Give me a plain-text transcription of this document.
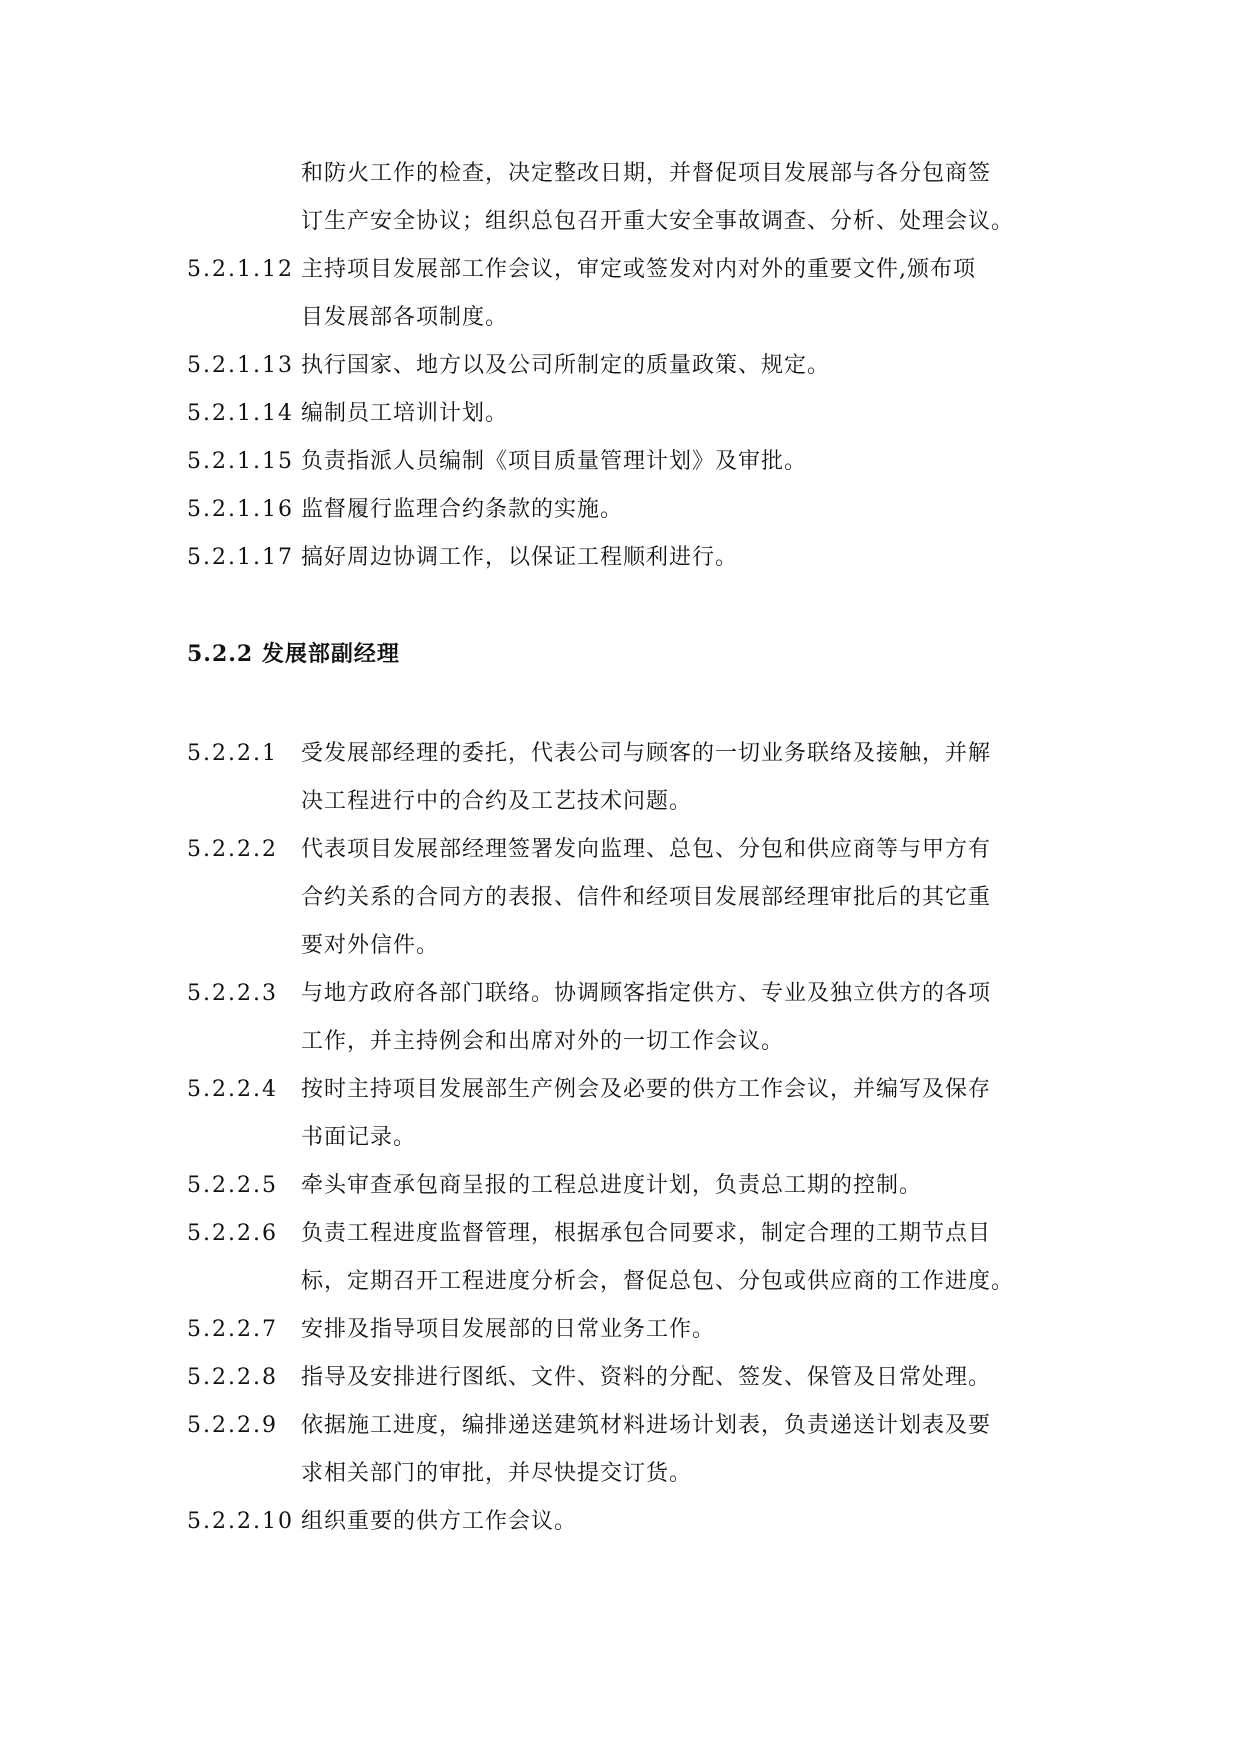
和防火工作的检查，决定整改日期，并督促项目发展部与各分包商签
订生产安全协议；组织总包召开重大安全事故调查、分析、处理会议。
5.2.1.12 主持项目发展部工作会议，审定或签发对内对外的重要文件,颁布项
目发展部各项制度。
5.2.1.13 执行国家、地方以及公司所制定的质量政策、规定。
5.2.1.14 编制员工培训计划。
5.2.1.15 负责指派人员编制《项目质量管理计划》及审批。
5.2.1.16 监督履行监理合约条款的实施。
5.2.1.17 搞好周边协调工作，以保证工程顺利进行。
5.2.2 发展部副经理
5.2.2.1	受发展部经理的委托，代表公司与顾客的一切业务联络及接触，并解
决工程进行中的合约及工艺技术问题。
5.2.2.2	代表项目发展部经理签署发向监理、总包、分包和供应商等与甲方有
合约关系的合同方的表报、信件和经项目发展部经理审批后的其它重
要对外信件。
5.2.2.3	与地方政府各部门联络。协调顾客指定供方、专业及独立供方的各项
工作，并主持例会和出席对外的一切工作会议。
5.2.2.4	按时主持项目发展部生产例会及必要的供方工作会议，并编写及保存
书面记录。
5.2.2.5	牵头审查承包商呈报的工程总进度计划，负责总工期的控制。
5.2.2.6	负责工程进度监督管理，根据承包合同要求，制定合理的工期节点目
标，定期召开工程进度分析会，督促总包、分包或供应商的工作进度。
5.2.2.7	安排及指导项目发展部的日常业务工作。
5.2.2.8	指导及安排进行图纸、文件、资料的分配、签发、保管及日常处理。
5.2.2.9	依据施工进度，编排递送建筑材料进场计划表，负责递送计划表及要
求相关部门的审批，并尽快提交订货。
5.2.2.10 组织重要的供方工作会议。
